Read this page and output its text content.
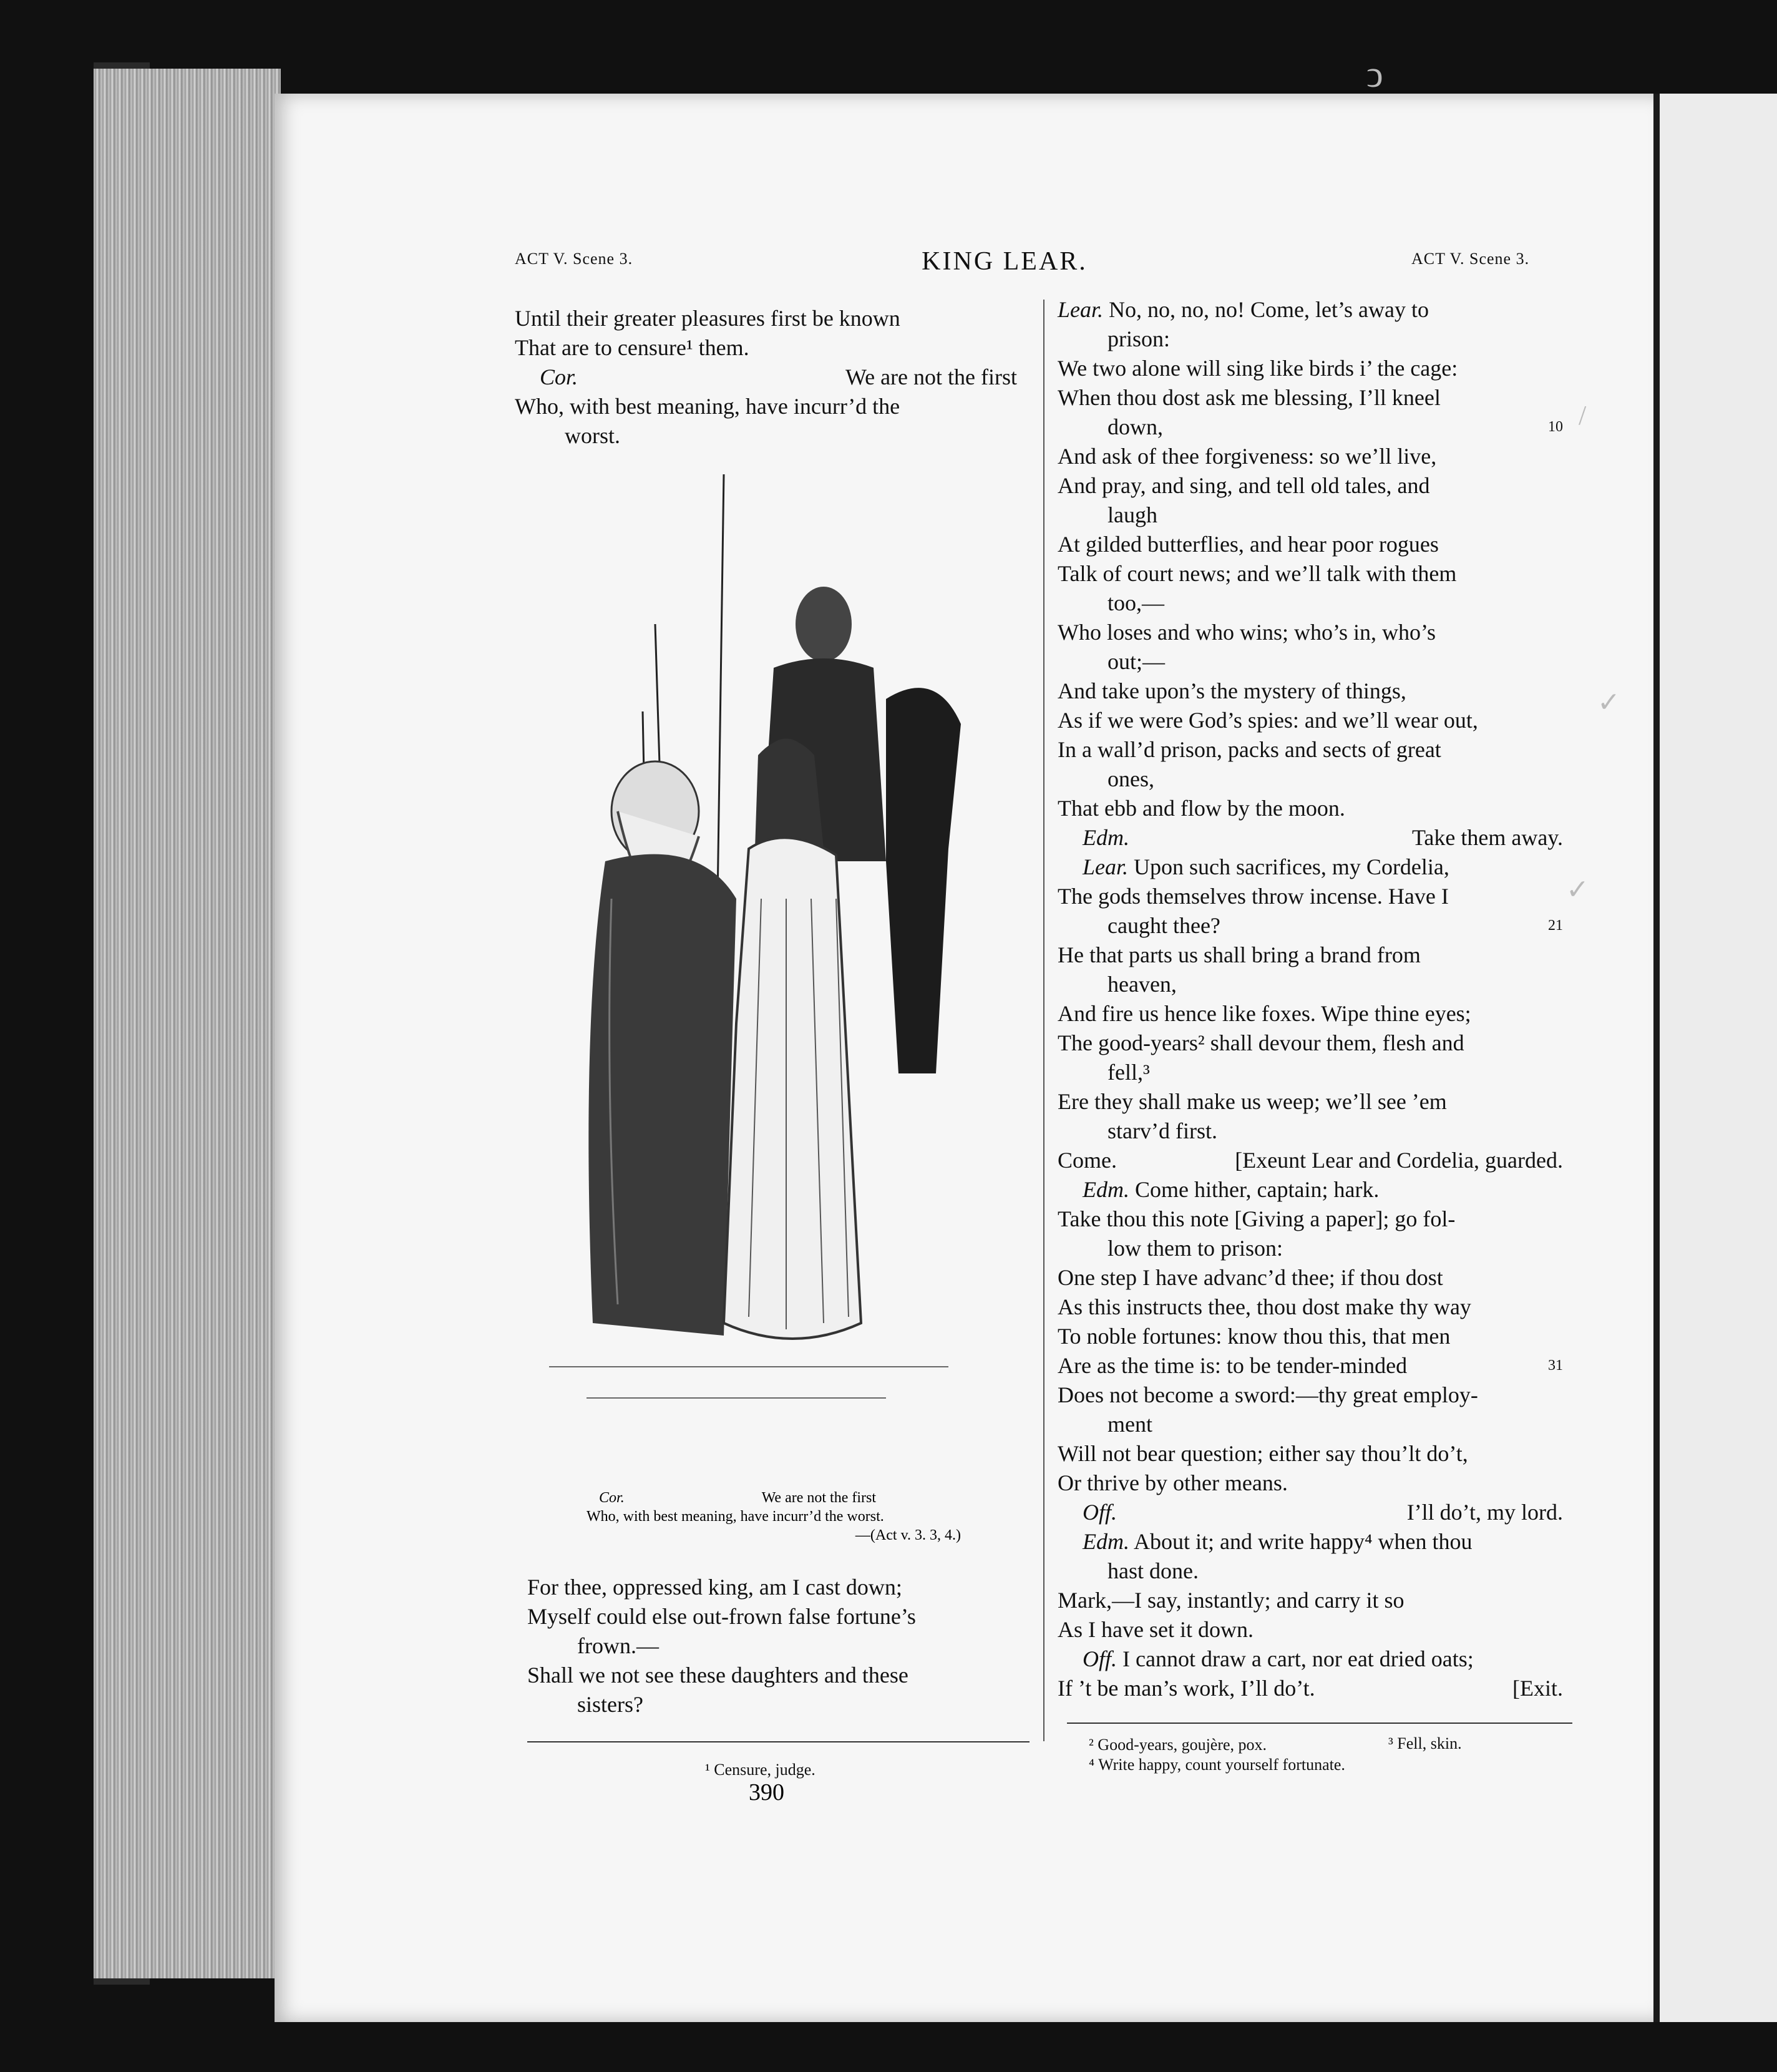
ACT V. Scene 3.	KING LEAR.	ACT V. Scene 3.
Until their greater pleasures first be known
That are to censure¹ them.
Cor.	We are not the first
Who, with best meaning, have incurr’d the
worst.
Cor.	We are not the first
Who, with best meaning, have incurr’d the worst.
—(Act v. 3. 3, 4.)
For thee, oppressed king, am I cast down;
Myself could else out-frown false fortune’s
frown.—
Shall we not see these daughters and these
sisters?
¹ Censure, judge.
390
Lear. No, no, no, no! Come, let’s away to
prison:
We two alone will sing like birds i’ the cage:
When thou dost ask me blessing, I’ll kneel
down,	10
And ask of thee forgiveness: so we’ll live,
And pray, and sing, and tell old tales, and
laugh
At gilded butterflies, and hear poor rogues
Talk of court news; and we’ll talk with them
too,—
Who loses and who wins; who’s in, who’s
out;—
And take upon’s the mystery of things,
As if we were God’s spies: and we’ll wear out,
In a wall’d prison, packs and sects of great
ones,
That ebb and flow by the moon.
Edm.	Take them away.
Lear. Upon such sacrifices, my Cordelia,
The gods themselves throw incense. Have I
caught thee?	21
He that parts us shall bring a brand from
heaven,
And fire us hence like foxes. Wipe thine eyes;
The good-years² shall devour them, flesh and
fell,³
Ere they shall make us weep; we’ll see ’em
starv’d first.
Come.	[Exeunt Lear and Cordelia, guarded.
Edm. Come hither, captain; hark.
Take thou this note [Giving a paper]; go fol-
low them to prison:
One step I have advanc’d thee; if thou dost
As this instructs thee, thou dost make thy way
To noble fortunes: know thou this, that men
Are as the time is: to be tender-minded	31
Does not become a sword:—thy great employ-
ment
Will not bear question; either say thou’lt do’t,
Or thrive by other means.
Off.	I’ll do’t, my lord.
Edm. About it; and write happy⁴ when thou
hast done.
Mark,—I say, instantly; and carry it so
As I have set it down.
Off. I cannot draw a cart, nor eat dried oats;
If ’t be man’s work, I’ll do’t.	[Exit.
² Good-years, goujère, pox.	³ Fell, skin.
⁴ Write happy, count yourself fortunate.
ↄ
/
✓
✓
